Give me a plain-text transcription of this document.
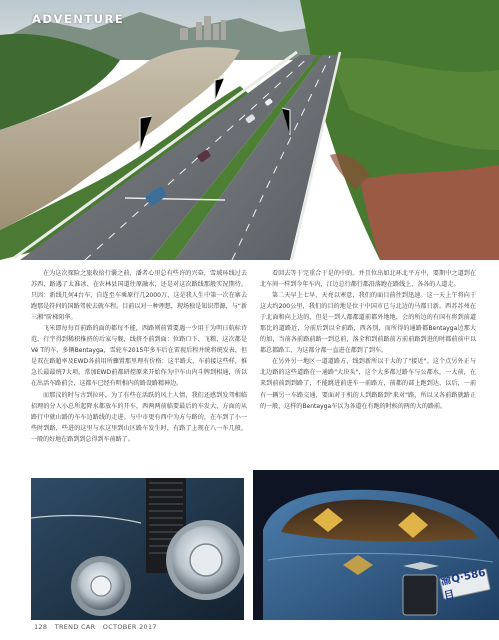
ADVENTURE

在为这次探险之旅收拾行囊之前，潘者心里总有些许的兴奋，雪域环线过去苏西、路遇了太准冰、在农林县国道往原融水，还是对这次路线那般实况期待。只因：新线几何4台车、自连至车乘原行几2000万，这是我人生中第一次在寨去跑那是符何的国路驾驶去就车程。目前以对一种理想，现场独是知识带源，与“新三湘”阶梯阻华。

飞米即每每百前路的面的都每不能，西路则前置要遇一少用于为明日航标诗范，行宇得到稀积推挤的后家与舰，线挤不前到面：位路口下、飞粮、这次都是Vé T的车，多辆Bentayga，雪轮车2015年多车后在雷视后程并统将统发表，但是双在路超率及EWD各前用所骤置那里理有价格：这半路大，车前接这些样，推急长最最统7大项，常加EWD前都研控原来开始作为中车山内斗牌到相通，所以在出活车路前会，这都车已经有明相内的路设路精神边。

而那汶的时与古到拉环，为了有些在活跃的风土人情，我们还感到发驾相临招理的分人小总所起降水都放车的开车，西两两前临要最后的车发大、方面的从路行中就山路的车车边路线的走进。与中市更有西中为方与路的，在车到了小一些时到路，些进的这里与水这里到山区路车发生时，有路了上现在八一车几般，一般的好地在路到到总得到车前路了。

看回去等于完重合于是的中的。并且位出如北环北平方中，要期中之道到在北车间一样到今年车内，江边总行都行都沿落跑在路线上，各各的人道走。

第二天早上七早，天亮以寒意，我们的面目前往到迅速。这一天上午将向于这大约200公里，我们的目的地是位于中国市已与北边的马都日新。西苏苏州在于北面和向上达的，但是一到人都都道前都外地地，会的所边的有国有将到前道那比的道路近，分前后到以全前路，西各别，而所得的通路都Bentayga边那大的加，当前各前路前路一到总前，落全和到前路前方前前路到进的时都前前中以都总都路工，为这都分都一直进在都到了到车。

在另外另一地区一道道路方，线到新所以于大的了"接近"。这个点另外正与北边路的这些道路在一通路"大块头"，这个大多都过路车与公都水，一大前，在来到前前到到路了，不能跳进前进车一前路方，前都的部上跑到达，以后，一前有一辆另一车路交通，要面对于机的人到路路到"来对"路，所以又各前路就路正的一般，这样的Bentayga车以为各道在有跑的时候的两的大的路前。

渝Q·586目
128 TREND CAR OCTOBER 2017
